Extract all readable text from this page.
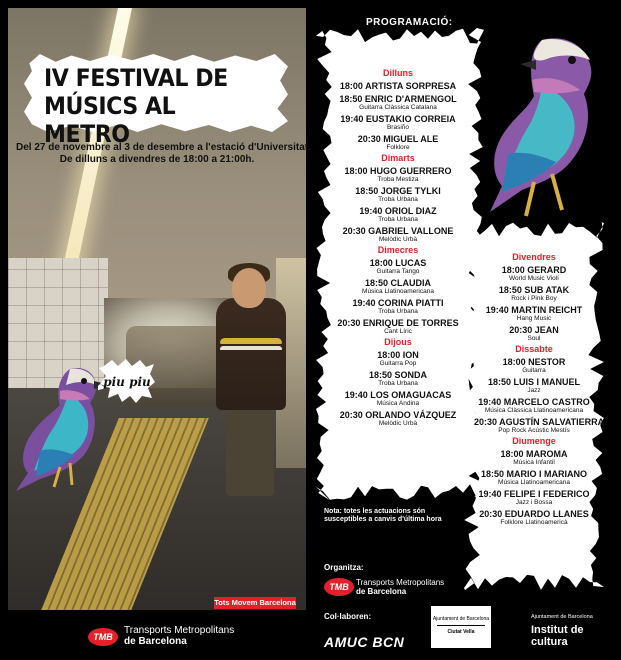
IV FESTIVAL DE
MÚSICS AL METRO
Del 27 de novembre al 3 de desembre a l'estació d'Universitat.
De dilluns a divendres de 18:00 a 21:00h.
piu piu
Tots Movem Barcelona
TMB
Transports Metropolitans
de Barcelona
PROGRAMACIÓ:
Dilluns
18:00 ARTISTA SORPRESA
18:50 ENRIC D'ARMENGOL
Guitarra Clàssica Catalana
19:40 EUSTAKIO CORREIA
Brasiño
20:30 MIGUEL ALE
Folklore
Dimarts
18:00 HUGO GUERRERO
Troba Mestiza
18:50 JORGE TYLKI
Troba Urbana
19:40 ORIOL DIAZ
Troba Urbana
20:30 GABRIEL VALLONE
Melòdic Urbà
Dimecres
18:00 LUCAS
Guitarra Tango
18:50 CLAUDIA
Música Llatinoamericana
19:40 CORINA PIATTI
Troba Urbana
20:30 ENRIQUE DE TORRES
Cant Líric
Dijous
18:00 ION
Guitarra Pop
18:50 SONDA
Troba Urbana
19:40 LOS OMAGUACAS
Música Andina
20:30 ORLANDO VÁZQUEZ
Melòdic Urbà
Divendres
18:00 GERARD
World Music Violí
18:50 SUB ATAK
Rock i Pink Boy
19:40 MARTIN REICHT
Hang Music
20:30 JEAN
Soul
Dissabte
18:00 NESTOR
Guitarra
18:50 LUIS I MANUEL
Jazz
19:40 MARCELO CASTRO
Música Clàssica Llatinoamericana
20:30 AGUSTÍN SALVATIERRA
Pop Rock Acústic Mestís
Diumenge
18:00 MAROMA
Música Infantil
18:50 MARIO I MARIANO
Música Llatinoamericana
19:40 FELIPE I FEDERICO
Jazz i Bossa
20:30 EDUARDO LLANES
Folklore Llatinoamericà
Nota: totes les actuacions són
susceptibles a canvis d'última hora
Organitza:
TMB Transports Metropolitans
de Barcelona
Col·laboren:
AMUC BCN
Ajuntament de Barcelona
Ciutat Vella
Ajuntament de Barcelona
Institut de cultura
